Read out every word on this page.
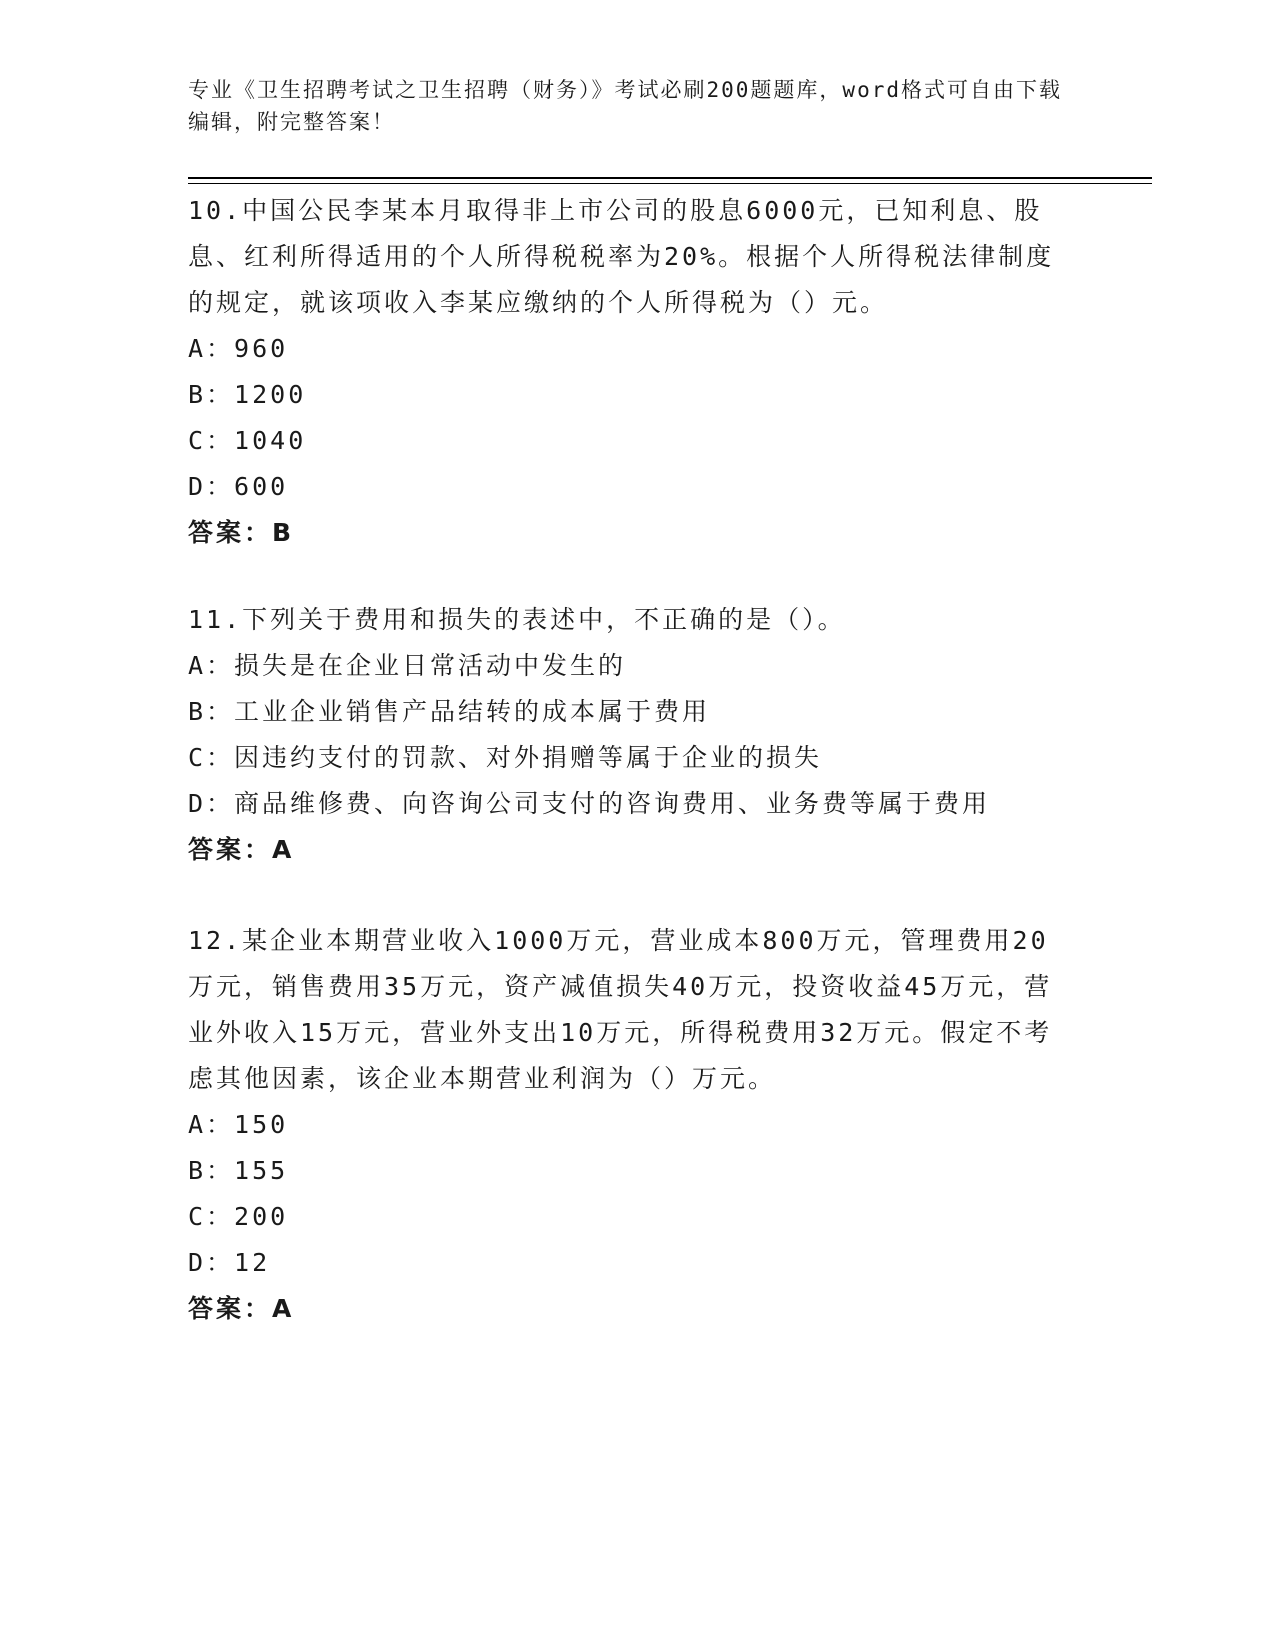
专业《卫生招聘考试之卫生招聘（财务）》考试必刷200题题库，word格式可自由下载编辑，附完整答案！

10.中国公民李某本月取得非上市公司的股息6000元，已知利息、股息、红利所得适用的个人所得税税率为20%。根据个人所得税法律制度的规定，就该项收入李某应缴纳的个人所得税为（）元。

A：960

B：1200

C：1040

D：600

答案：B

11.下列关于费用和损失的表述中，不正确的是（）。

A：损失是在企业日常活动中发生的

B：工业企业销售产品结转的成本属于费用

C：因违约支付的罚款、对外捐赠等属于企业的损失

D：商品维修费、向咨询公司支付的咨询费用、业务费等属于费用

答案：A

12.某企业本期营业收入1000万元，营业成本800万元，管理费用20万元，销售费用35万元，资产减值损失40万元，投资收益45万元，营业外收入15万元，营业外支出10万元，所得税费用32万元。假定不考虑其他因素，该企业本期营业利润为（）万元。

A：150

B：155

C：200

D：12

答案：A
